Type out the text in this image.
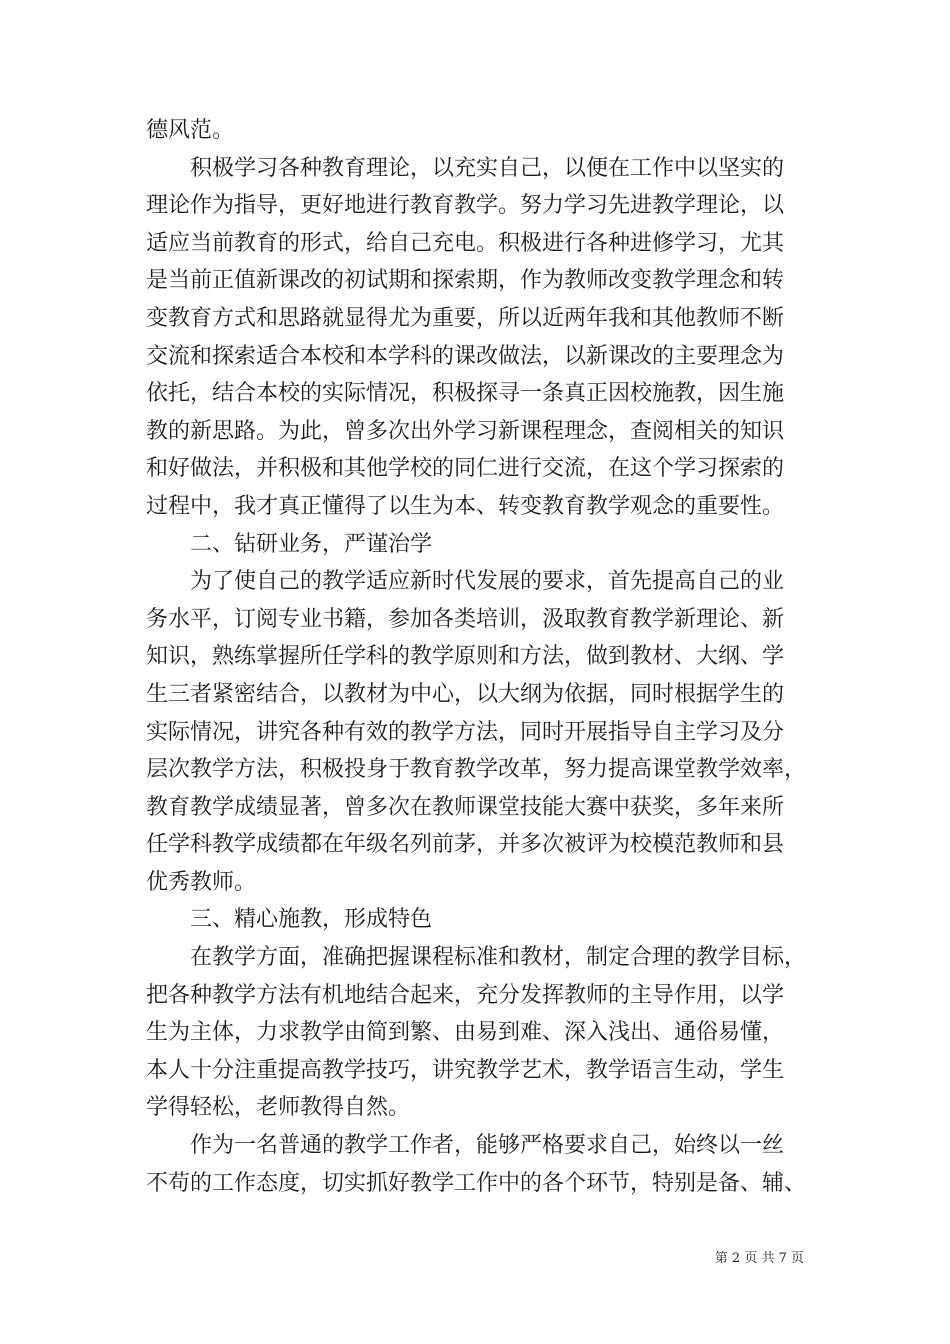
德风范。
积极学习各种教育理论，以充实自己，以便在工作中以坚实的
理论作为指导，更好地进行教育教学。努力学习先进教学理论，以
适应当前教育的形式，给自己充电。积极进行各种进修学习，尤其
是当前正值新课改的初试期和探索期，作为教师改变教学理念和转
变教育方式和思路就显得尤为重要，所以近两年我和其他教师不断
交流和探索适合本校和本学科的课改做法，以新课改的主要理念为
依托，结合本校的实际情况，积极探寻一条真正因校施教，因生施
教的新思路。为此，曾多次出外学习新课程理念，查阅相关的知识
和好做法，并积极和其他学校的同仁进行交流，在这个学习探索的
过程中，我才真正懂得了以生为本、转变教育教学观念的重要性。
二、钻研业务，严谨治学
为了使自己的教学适应新时代发展的要求，首先提高自己的业
务水平，订阅专业书籍，参加各类培训，汲取教育教学新理论、新
知识，熟练掌握所任学科的教学原则和方法，做到教材、大纲、学
生三者紧密结合，以教材为中心，以大纲为依据，同时根据学生的
实际情况，讲究各种有效的教学方法，同时开展指导自主学习及分
层次教学方法，积极投身于教育教学改革，努力提高课堂教学效率，
教育教学成绩显著，曾多次在教师课堂技能大赛中获奖，多年来所
任学科教学成绩都在年级名列前茅，并多次被评为校模范教师和县
优秀教师。
三、精心施教，形成特色
在教学方面，准确把握课程标准和教材，制定合理的教学目标，
把各种教学方法有机地结合起来，充分发挥教师的主导作用，以学
生为主体，力求教学由简到繁、由易到难、深入浅出、通俗易懂，
本人十分注重提高教学技巧，讲究教学艺术，教学语言生动，学生
学得轻松，老师教得自然。
作为一名普通的教学工作者，能够严格要求自己，始终以一丝
不苟的工作态度，切实抓好教学工作中的各个环节，特别是备、辅、
第 2 页 共 7 页
